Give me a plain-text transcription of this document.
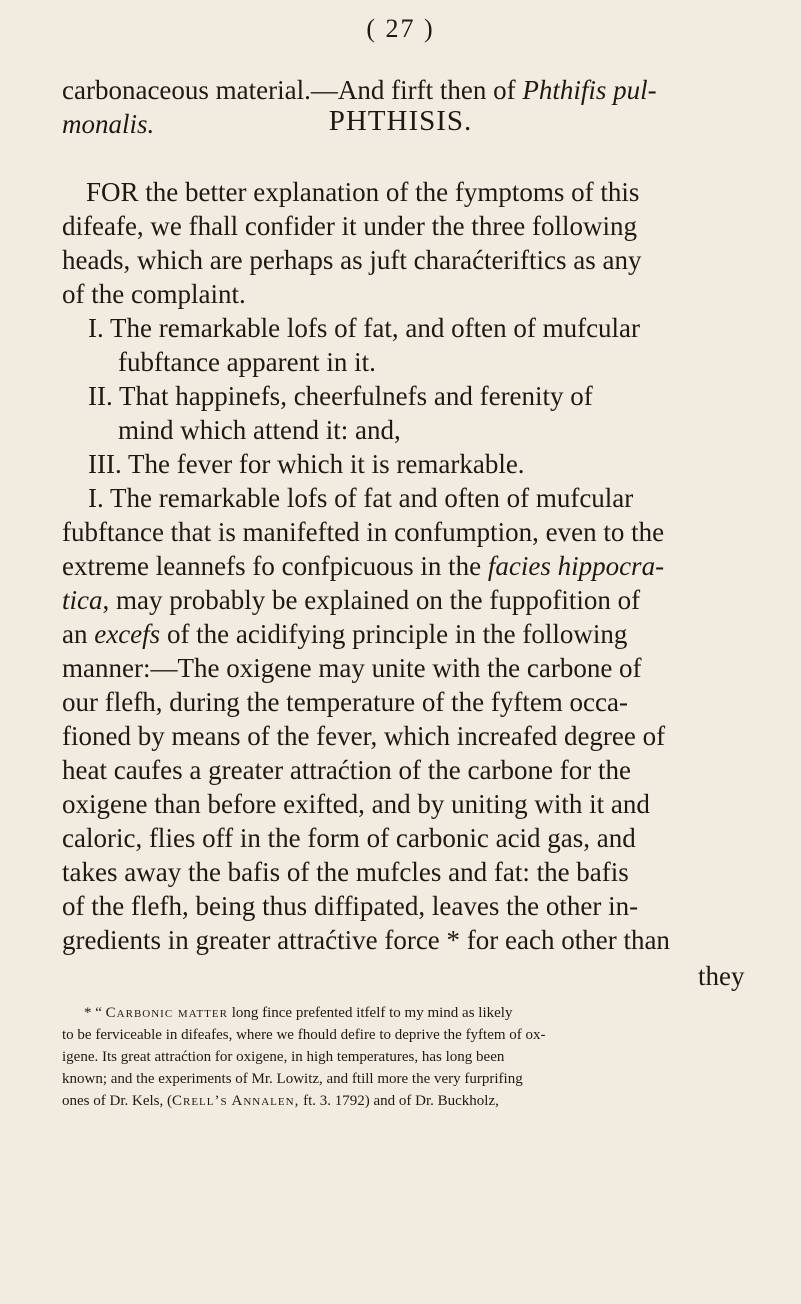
( 27 )
carbonaceous material.—And firft then of Phthifis pul-
monalis.	PHTHISIS.
FOR the better explanation of the fymptoms of this
difeafe, we fhall confider it under the three following
heads, which are perhaps as juft charaćteriftics as any
of the complaint.
I. The remarkable lofs of fat, and often of mufcular
fubftance apparent in it.
II. That happinefs, cheerfulnefs and ferenity of
mind which attend it: and,
III. The fever for which it is remarkable.
I. The remarkable lofs of fat and often of mufcular
fubftance that is manifefted in confumption, even to the
extreme leannefs fo confpicuous in the facies hippocra-
tica, may probably be explained on the fuppofition of
an excefs of the acidifying principle in the following
manner:—The oxigene may unite with the carbone of
our flefh, during the temperature of the fyftem occa-
fioned by means of the fever, which increafed degree of
heat caufes a greater attraćtion of the carbone for the
oxigene than before exifted, and by uniting with it and
caloric, flies off in the form of carbonic acid gas, and
takes away the bafis of the mufcles and fat: the bafis
of the flefh, being thus diffipated, leaves the other in-
gredients in greater attraćtive force * for each other than
they
* “ Carbonic matter long fince prefented itfelf to my mind as likely
to be ferviceable in difeafes, where we fhould defire to deprive the fyftem of ox-
igene. Its great attraćtion for oxigene, in high temperatures, has long been
known; and the experiments of Mr. Lowitz, and ftill more the very furprifing
ones of Dr. Kels, (Crell’s Annalen, ft. 3. 1792) and of Dr. Buckholz,
